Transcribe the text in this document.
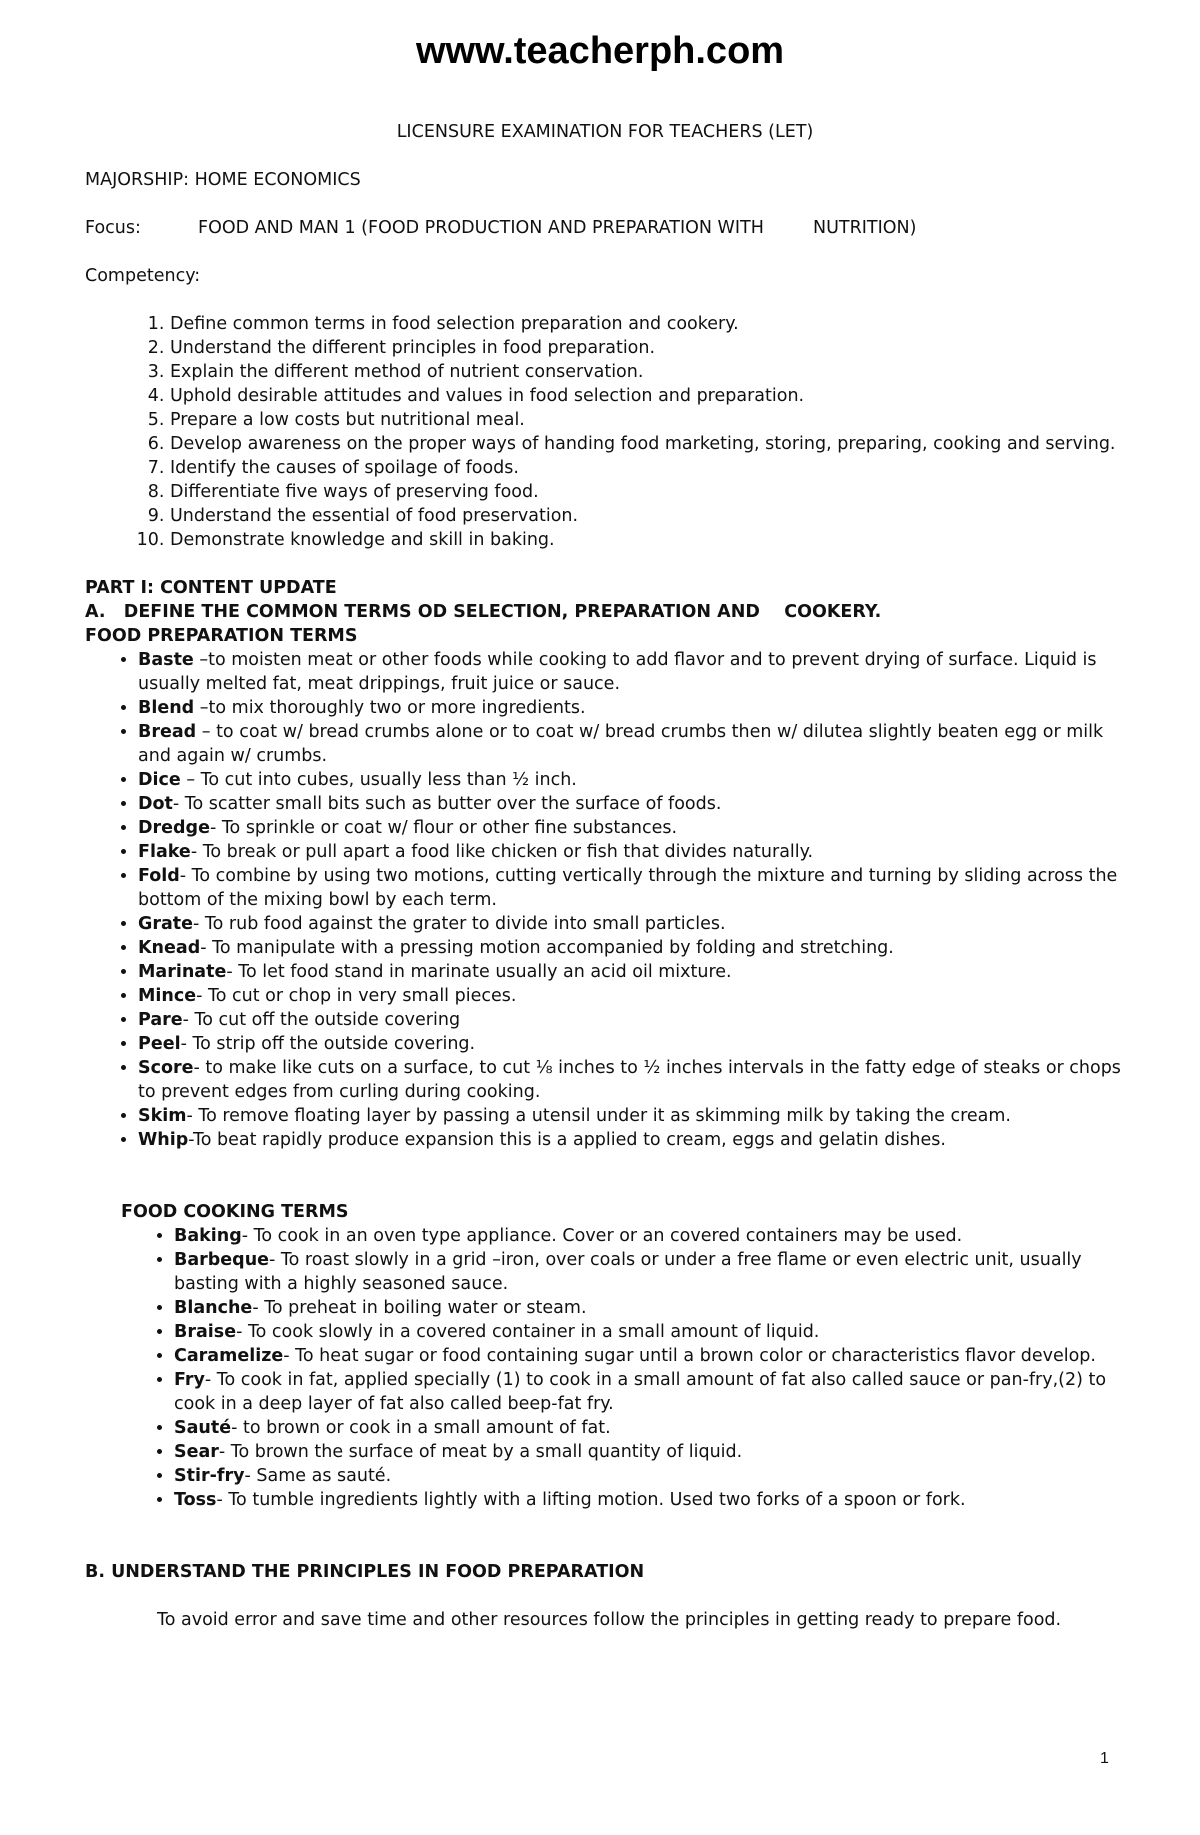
www.teacherph.com
LICENSURE EXAMINATION FOR TEACHERS (LET)
MAJORSHIP: HOME ECONOMICS
Focus:	FOOD AND MAN 1 (FOOD PRODUCTION AND PREPARATION WITH	NUTRITION)
Competency:
1. Define common terms in food selection preparation and cookery.
2. Understand the different principles in food preparation.
3. Explain the different method of nutrient conservation.
4. Uphold desirable attitudes and values in food selection and preparation.
5. Prepare a low costs but nutritional meal.
6. Develop awareness on the proper ways of handing food marketing, storing, preparing, cooking and serving.
7. Identify the causes of spoilage of foods.
8. Differentiate five ways of preserving food.
9. Understand the essential of food preservation.
10. Demonstrate knowledge and skill in baking.
PART I: CONTENT UPDATE
A.   DEFINE THE COMMON TERMS OD SELECTION, PREPARATION AND    COOKERY.
FOOD PREPARATION TERMS
• Baste –to moisten meat or other foods while cooking to add flavor and to prevent drying of surface. Liquid is usually melted fat, meat drippings, fruit juice or sauce.
• Blend –to mix thoroughly two or more ingredients.
• Bread – to coat w/ bread crumbs alone or to coat w/ bread crumbs then w/ dilutea slightly beaten egg or milk and again w/ crumbs.
• Dice – To cut into cubes, usually less than ½ inch.
• Dot- To scatter small bits such as butter over the surface of foods.
• Dredge- To sprinkle or coat w/ flour or other fine substances.
• Flake- To break or pull apart a food like chicken or fish that divides naturally.
• Fold- To combine by using two motions, cutting vertically through the mixture and turning by sliding across the bottom of the mixing bowl by each term.
• Grate- To rub food against the grater to divide into small particles.
• Knead- To manipulate with a pressing motion accompanied by folding and stretching.
• Marinate- To let food stand in marinate usually an acid oil mixture.
• Mince- To cut or chop in very small pieces.
• Pare- To cut off the outside covering
• Peel- To strip off the outside covering.
• Score- to make like cuts on a surface, to cut ⅛ inches to ½ inches intervals in the fatty edge of steaks or chops to prevent edges from curling during cooking.
• Skim- To remove floating layer by passing a utensil under it as skimming milk by taking the cream.
• Whip-To beat rapidly produce expansion this is a applied to cream, eggs and gelatin dishes.
FOOD COOKING TERMS
• Baking- To cook in an oven type appliance. Cover or an covered containers may be used.
• Barbeque- To roast slowly in a grid –iron, over coals or under a free flame or even electric unit, usually basting with a highly seasoned sauce.
• Blanche- To preheat in boiling water or steam.
• Braise- To cook slowly in a covered container in a small amount of liquid.
• Caramelize- To heat sugar or food containing sugar until a brown color or characteristics flavor develop.
• Fry- To cook in fat, applied specially (1) to cook in a small amount of fat also called sauce or pan-fry,(2) to cook in a deep layer of fat also called beep-fat fry.
• Sauté- to brown or cook in a small amount of fat.
• Sear- To brown the surface of meat by a small quantity of liquid.
• Stir-fry- Same as sauté.
• Toss- To tumble ingredients lightly with a lifting motion. Used two forks of a spoon or fork.
B. UNDERSTAND THE PRINCIPLES IN FOOD PREPARATION
To avoid error and save time and other resources follow the principles in getting ready to prepare food.
1
